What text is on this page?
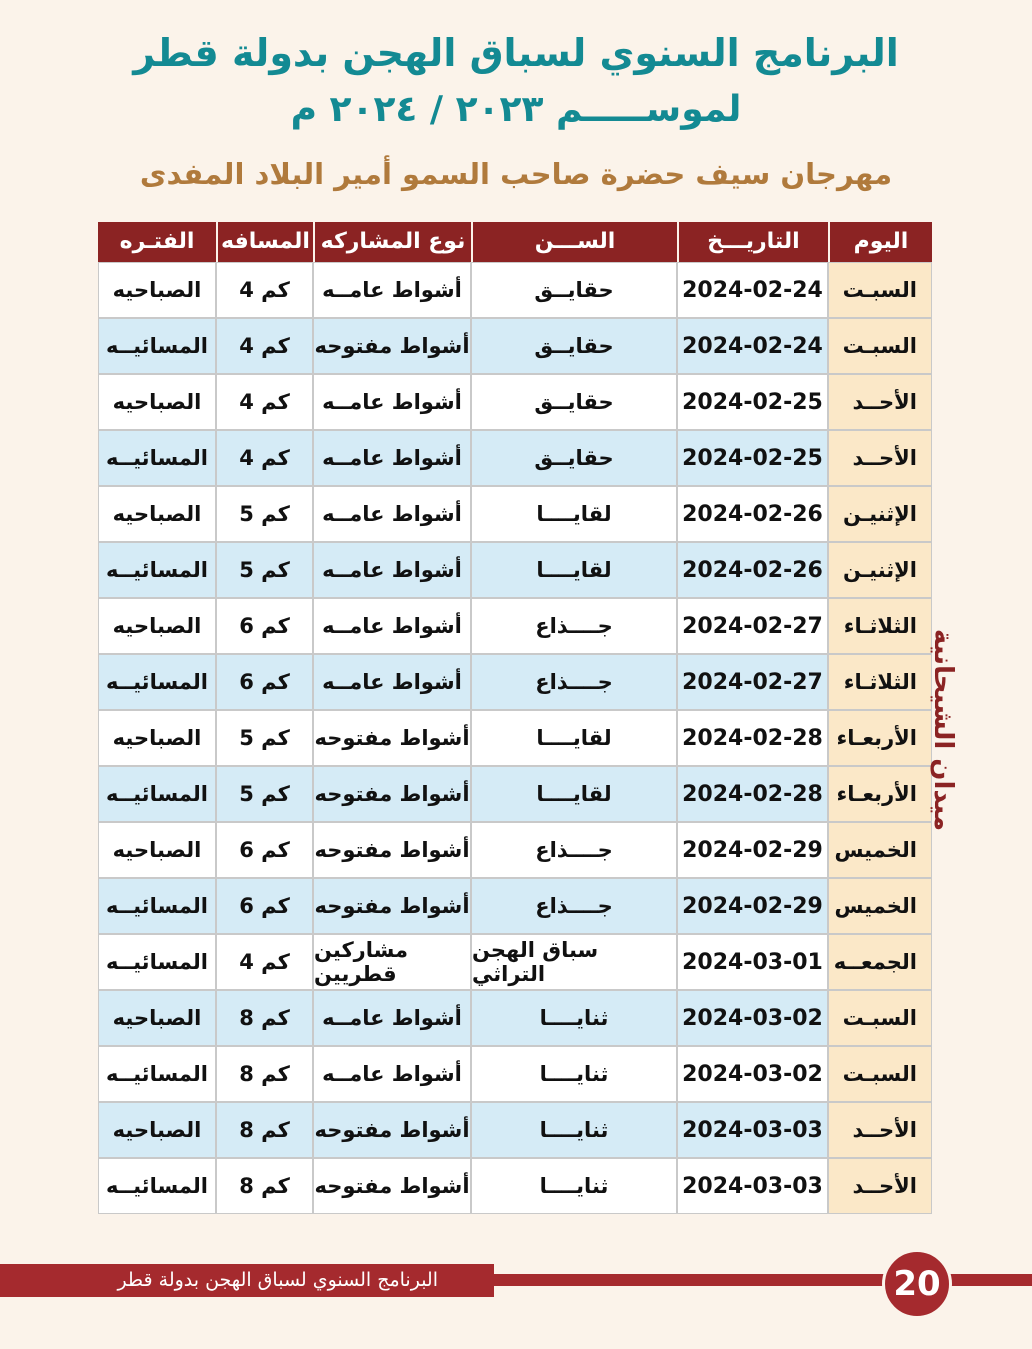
البرنامج السنوي لسباق الهجن بدولة قطر
لموســـــم ٢٠٢٣ / ٢٠٢٤ م
مهرجان سيف حضرة صاحب السمو أمير البلاد المفدى
اليوم
التاريـــخ
الســـن
نوع المشاركه
المسافه
الفتـره
السبـت
2024-02-24
حقايــق
أشواط عامــه
4 كم
الصباحيه
السبـت
2024-02-24
حقايــق
أشواط مفتوحه
4 كم
المسائيــه
الأحــد
2024-02-25
حقايــق
أشواط عامــه
4 كم
الصباحيه
الأحــد
2024-02-25
حقايــق
أشواط عامــه
4 كم
المسائيــه
الإثنيـن
2024-02-26
لقايــــا
أشواط عامــه
5 كم
الصباحيه
الإثنيـن
2024-02-26
لقايــــا
أشواط عامــه
5 كم
المسائيــه
الثلاثـاء
2024-02-27
جــــذاع
أشواط عامــه
6 كم
الصباحيه
الثلاثـاء
2024-02-27
جــــذاع
أشواط عامــه
6 كم
المسائيــه
الأربعـاء
2024-02-28
لقايــــا
أشواط مفتوحه
5 كم
الصباحيه
الأربعـاء
2024-02-28
لقايــــا
أشواط مفتوحه
5 كم
المسائيــه
الخميس
2024-02-29
جــــذاع
أشواط مفتوحه
6 كم
الصباحيه
الخميس
2024-02-29
جــــذاع
أشواط مفتوحه
6 كم
المسائيــه
الجمعــه
2024-03-01
سباق الهجن التراثي
مشاركين قطريين
4 كم
المسائيــه
السبـت
2024-03-02
ثنايــــا
أشواط عامــه
8 كم
الصباحيه
السبـت
2024-03-02
ثنايــــا
أشواط عامــه
8 كم
المسائيــه
الأحــد
2024-03-03
ثنايــــا
أشواط مفتوحه
8 كم
الصباحيه
الأحــد
2024-03-03
ثنايــــا
أشواط مفتوحه
8 كم
المسائيــه
ميدان الشيحانية
البرنامج السنوي لسباق الهجن بدولة قطر	20
